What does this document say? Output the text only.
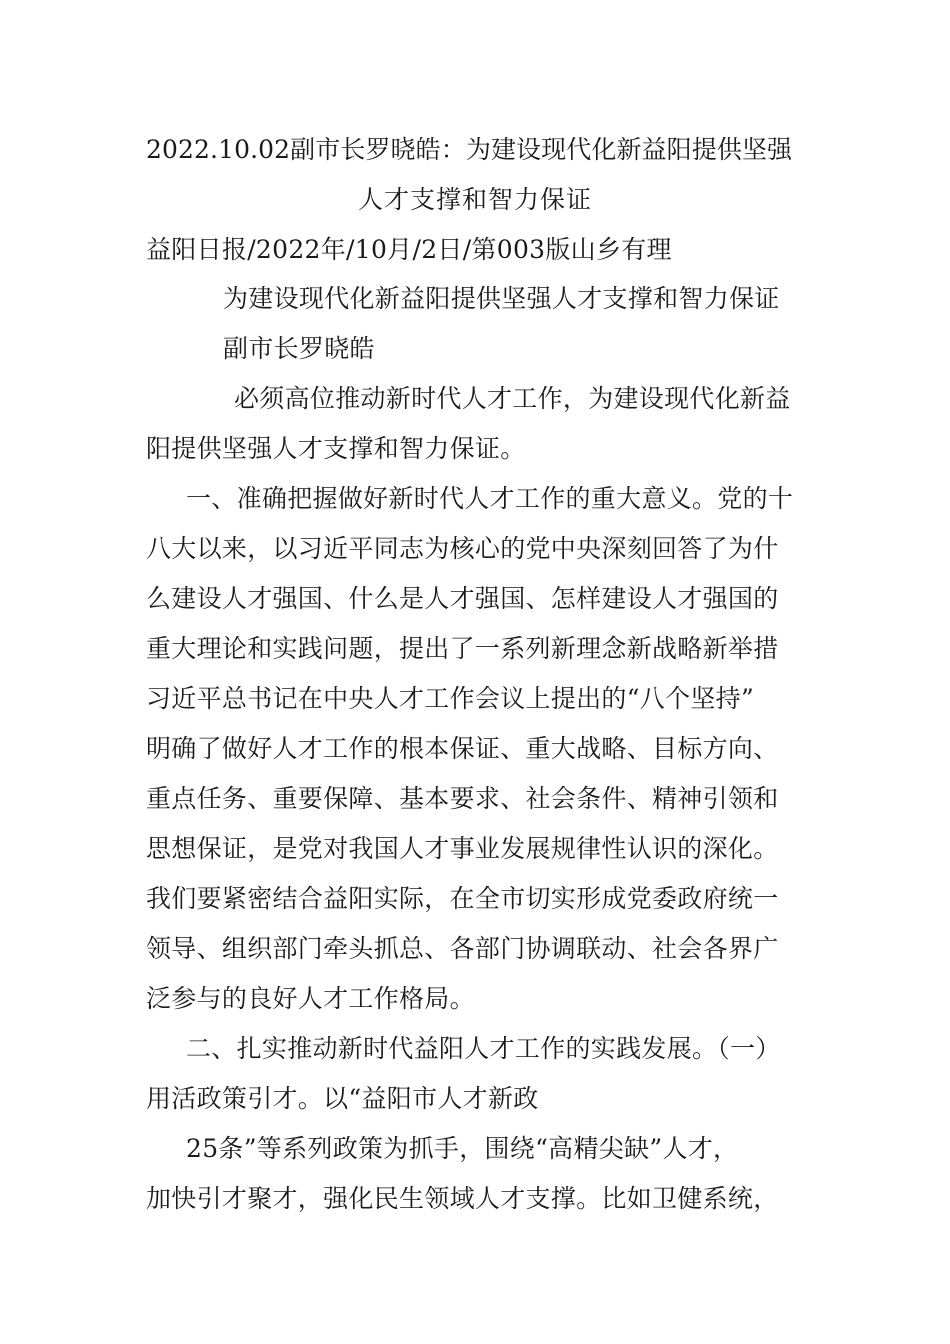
2022.10.02副市长罗晓皓：为建设现代化新益阳提供坚强
人才支撑和智力保证
益阳日报/2022年/10月/2日/第003版山乡有理
为建设现代化新益阳提供坚强人才支撑和智力保证
副市长罗晓皓
必须高位推动新时代人才工作，为建设现代化新益
阳提供坚强人才支撑和智力保证。
一、准确把握做好新时代人才工作的重大意义。党的十
八大以来，以习近平同志为核心的党中央深刻回答了为什
么建设人才强国、什么是人才强国、怎样建设人才强国的
重大理论和实践问题，提出了一系列新理念新战略新举措
习近平总书记在中央人才工作会议上提出的“八个坚持”
明确了做好人才工作的根本保证、重大战略、目标方向、
重点任务、重要保障、基本要求、社会条件、精神引领和
思想保证，是党对我国人才事业发展规律性认识的深化。
我们要紧密结合益阳实际，在全市切实形成党委政府统一
领导、组织部门牵头抓总、各部门协调联动、社会各界广
泛参与的良好人才工作格局。
二、扎实推动新时代益阳人才工作的实践发展。（一）
用活政策引才。以“益阳市人才新政
25条”等系列政策为抓手，围绕“高精尖缺”人才，
加快引才聚才，强化民生领域人才支撑。比如卫健系统，
